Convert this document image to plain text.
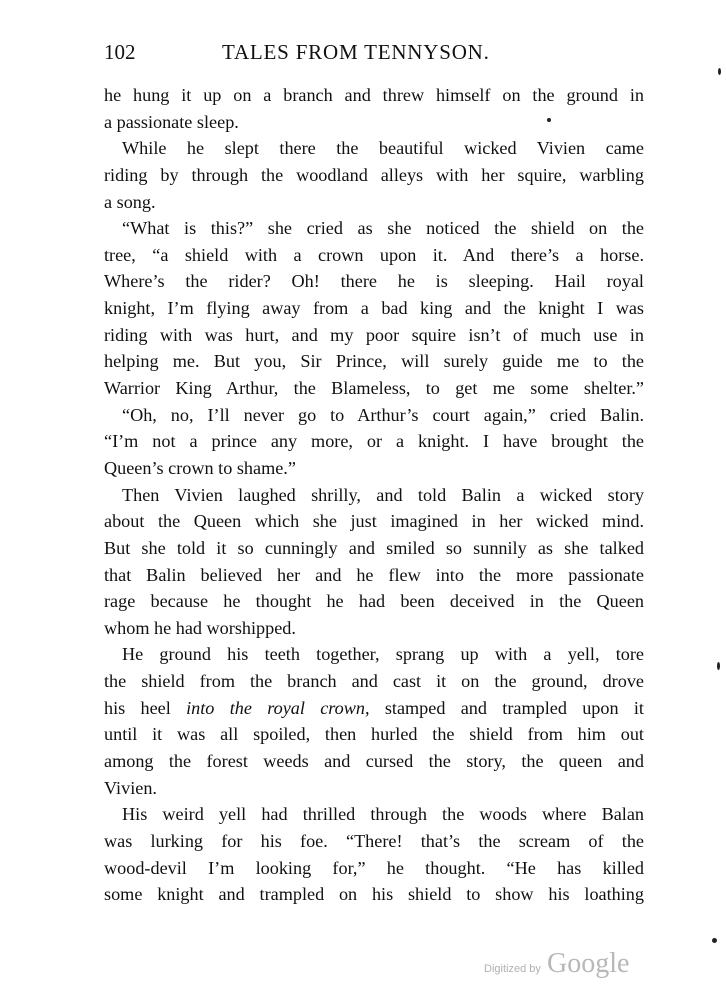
102	TALES FROM TENNYSON.
he hung it up on a branch and threw himself on the ground in
a passionate sleep.
While he slept there the beautiful wicked Vivien came
riding by through the woodland alleys with her squire, warbling
a song.
“What is this?” she cried as she noticed the shield on the
tree, “a shield with a crown upon it. And there’s a horse.
Where’s the rider? Oh! there he is sleeping. Hail royal
knight, I’m flying away from a bad king and the knight I was
riding with was hurt, and my poor squire isn’t of much use in
helping me. But you, Sir Prince, will surely guide me to the
Warrior King Arthur, the Blameless, to get me some shelter.”
“Oh, no, I’ll never go to Arthur’s court again,” cried Balin.
“I’m not a prince any more, or a knight. I have brought the
Queen’s crown to shame.”
Then Vivien laughed shrilly, and told Balin a wicked story
about the Queen which she just imagined in her wicked mind.
But she told it so cunningly and smiled so sunnily as she talked
that Balin believed her and he flew into the more passionate
rage because he thought he had been deceived in the Queen
whom he had worshipped.
He ground his teeth together, sprang up with a yell, tore
the shield from the branch and cast it on the ground, drove
his heel into the royal crown, stamped and trampled upon it
until it was all spoiled, then hurled the shield from him out
among the forest weeds and cursed the story, the queen and
Vivien.
His weird yell had thrilled through the woods where Balan
was lurking for his foe. “There! that’s the scream of the
wood-devil I’m looking for,” he thought. “He has killed
some knight and trampled on his shield to show his loathing
Digitized by Google
